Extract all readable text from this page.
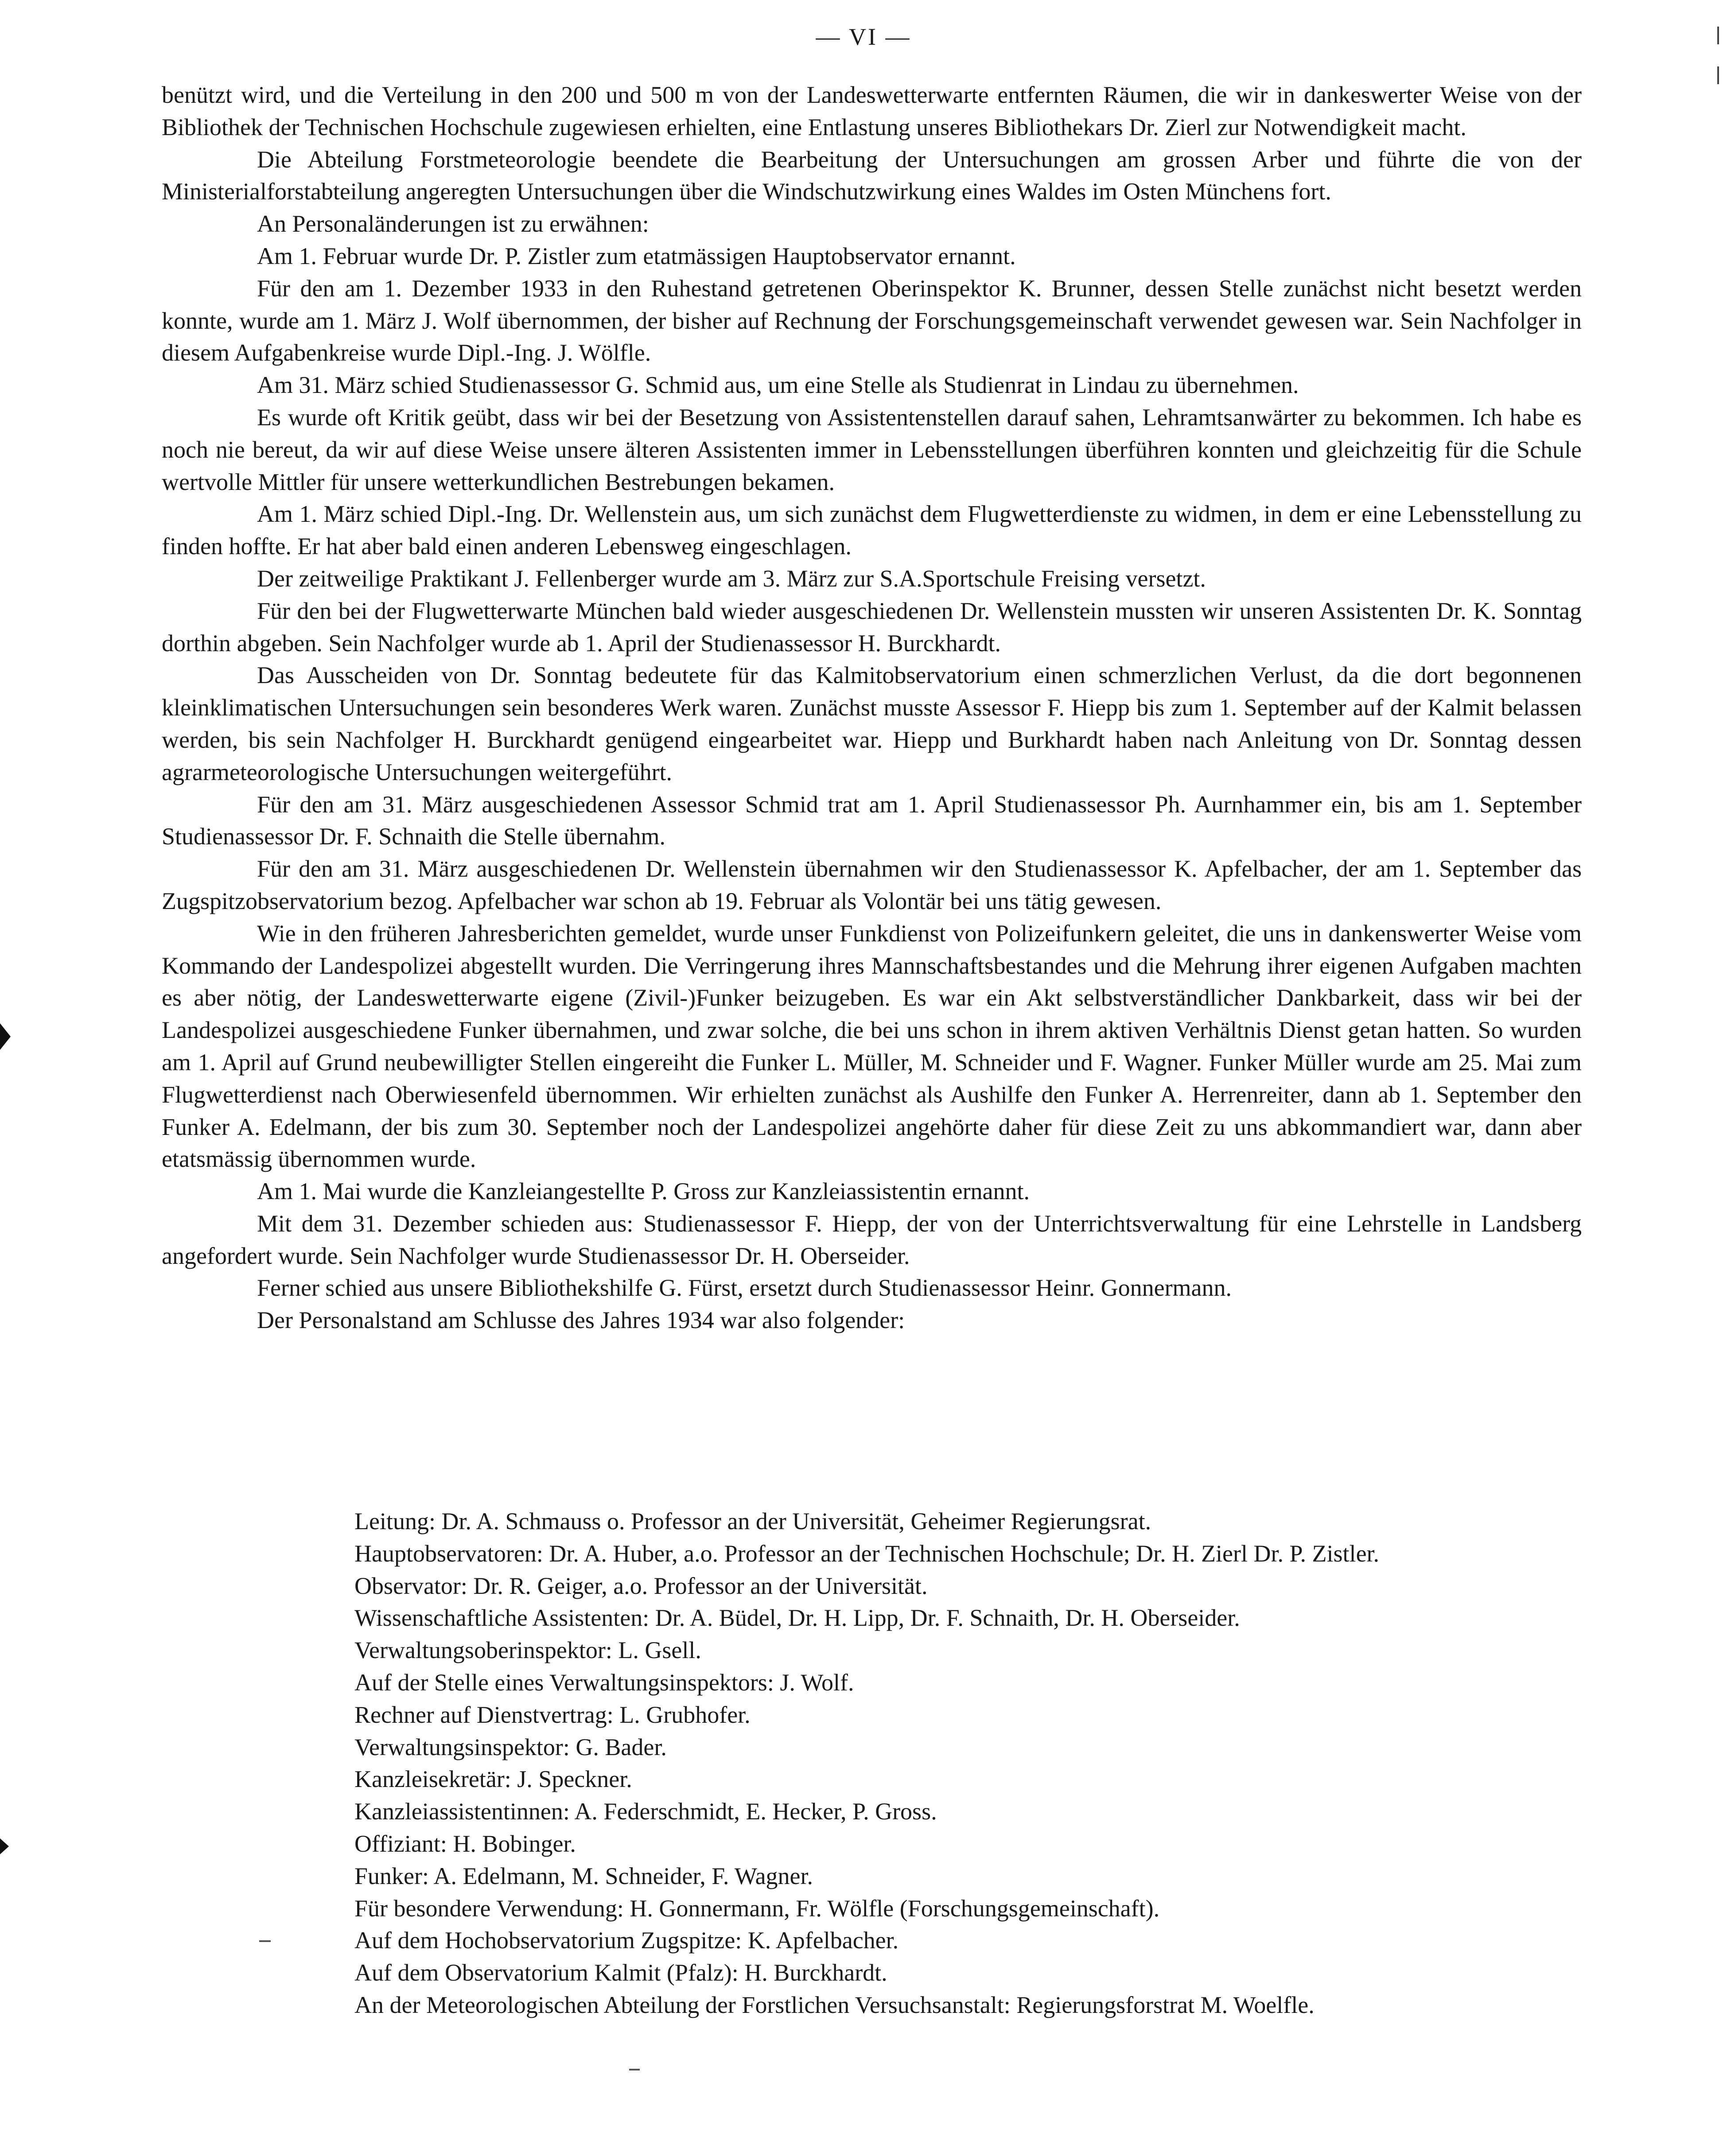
— VI —

benützt wird, und die Verteilung in den 200 und 500 m von der Landeswetterwarte entfernten Räumen, die wir in dankeswerter Weise von der Bibliothek der Technischen Hochschule zugewiesen erhielten, eine Entlastung unseres Bibliothekars Dr. Zierl zur Notwendigkeit macht.

Die Abteilung Forstmeteorologie beendete die Bearbeitung der Untersuchungen am grossen Arber und führte die von der Ministerialforstabteilung angeregten Untersuchungen über die Windschutzwirkung eines Waldes im Osten Münchens fort.

An Personaländerungen ist zu erwähnen:

Am 1. Februar wurde Dr. P. Zistler zum etatmässigen Hauptobservator ernannt.

Für den am 1. Dezember 1933 in den Ruhestand getretenen Oberinspektor K. Brunner, dessen Stelle zunächst nicht besetzt werden konnte, wurde am 1. März J. Wolf übernommen, der bisher auf Rechnung der Forschungsgemeinschaft verwendet gewesen war. Sein Nachfolger in diesem Aufgabenkreise wurde Dipl.-Ing. J. Wölfle.

Am 31. März schied Studienassessor G. Schmid aus, um eine Stelle als Studienrat in Lindau zu übernehmen.

Es wurde oft Kritik geübt, dass wir bei der Besetzung von Assistentenstellen darauf sahen, Lehramtsanwärter zu bekommen. Ich habe es noch nie bereut, da wir auf diese Weise unsere älteren Assistenten immer in Lebensstellungen überführen konnten und gleichzeitig für die Schule wertvolle Mittler für unsere wetterkundlichen Bestrebungen bekamen.

Am 1. März schied Dipl.-Ing. Dr. Wellenstein aus, um sich zunächst dem Flugwetterdienste zu widmen, in dem er eine Lebensstellung zu finden hoffte. Er hat aber bald einen anderen Lebensweg eingeschlagen.

Der zeitweilige Praktikant J. Fellenberger wurde am 3. März zur S.A.Sportschule Freising versetzt.

Für den bei der Flugwetterwarte München bald wieder ausgeschiedenen Dr. Wellenstein mussten wir unseren Assistenten Dr. K. Sonntag dorthin abgeben. Sein Nachfolger wurde ab 1. April der Studienassessor H. Burckhardt.

Das Ausscheiden von Dr. Sonntag bedeutete für das Kalmitobservatorium einen schmerzlichen Verlust, da die dort begonnenen kleinklimatischen Untersuchungen sein besonderes Werk waren. Zunächst musste Assessor F. Hiepp bis zum 1. September auf der Kalmit belassen werden, bis sein Nachfolger H. Burckhardt genügend eingearbeitet war. Hiepp und Burkhardt haben nach Anleitung von Dr. Sonntag dessen agrarmeteorologische Untersuchungen weitergeführt.

Für den am 31. März ausgeschiedenen Assessor Schmid trat am 1. April Studienassessor Ph. Aurnhammer ein, bis am 1. September Studienassessor Dr. F. Schnaith die Stelle übernahm.

Für den am 31. März ausgeschiedenen Dr. Wellenstein übernahmen wir den Studienassessor K. Apfelbacher, der am 1. September das Zugspitzobservatorium bezog. Apfelbacher war schon ab 19. Februar als Volontär bei uns tätig gewesen.

Wie in den früheren Jahresberichten gemeldet, wurde unser Funkdienst von Polizeifunkern geleitet, die uns in dankenswerter Weise vom Kommando der Landespolizei abgestellt wurden. Die Verringerung ihres Mannschaftsbestandes und die Mehrung ihrer eigenen Aufgaben machten es aber nötig, der Landeswetterwarte eigene (Zivil-)Funker beizugeben. Es war ein Akt selbstverständlicher Dankbarkeit, dass wir bei der Landespolizei ausgeschiedene Funker übernahmen, und zwar solche, die bei uns schon in ihrem aktiven Verhältnis Dienst getan hatten. So wurden am 1. April auf Grund neubewilligter Stellen eingereiht die Funker L. Müller, M. Schneider und F. Wagner. Funker Müller wurde am 25. Mai zum Flugwetterdienst nach Oberwiesenfeld übernommen. Wir erhielten zunächst als Aushilfe den Funker A. Herrenreiter, dann ab 1. September den Funker A. Edelmann, der bis zum 30. September noch der Landespolizei angehörte daher für diese Zeit zu uns abkommandiert war, dann aber etatsmässig übernommen wurde.

Am 1. Mai wurde die Kanzleiangestellte P. Gross zur Kanzleiassistentin ernannt.

Mit dem 31. Dezember schieden aus: Studienassessor F. Hiepp, der von der Unterrichtsverwaltung für eine Lehrstelle in Landsberg angefordert wurde. Sein Nachfolger wurde Studienassessor Dr. H. Oberseider.

Ferner schied aus unsere Bibliothekshilfe G. Fürst, ersetzt durch Studienassessor Heinr. Gonnermann.

Der Personalstand am Schlusse des Jahres 1934 war also folgender:

Leitung: Dr. A. Schmauss o. Professor an der Universität, Geheimer Regierungsrat.
Hauptobservatoren: Dr. A. Huber, a.o. Professor an der Technischen Hochschule; Dr. H. Zierl Dr. P. Zistler.
Observator: Dr. R. Geiger, a.o. Professor an der Universität.
Wissenschaftliche Assistenten: Dr. A. Büdel, Dr. H. Lipp, Dr. F. Schnaith, Dr. H. Oberseider.
Verwaltungsoberinspektor: L. Gsell.
Auf der Stelle eines Verwaltungsinspektors: J. Wolf.
Rechner auf Dienstvertrag: L. Grubhofer.
Verwaltungsinspektor: G. Bader.
Kanzleisekretär: J. Speckner.
Kanzleiassistentinnen: A. Federschmidt, E. Hecker, P. Gross.
Offiziant: H. Bobinger.
Funker: A. Edelmann, M. Schneider, F. Wagner.
Für besondere Verwendung: H. Gonnermann, Fr. Wölfle (Forschungsgemeinschaft).
Auf dem Hochobservatorium Zugspitze: K. Apfelbacher.
Auf dem Observatorium Kalmit (Pfalz): H. Burckhardt.
An der Meteorologischen Abteilung der Forstlichen Versuchsanstalt: Regierungsforstrat M. Woelfle.
